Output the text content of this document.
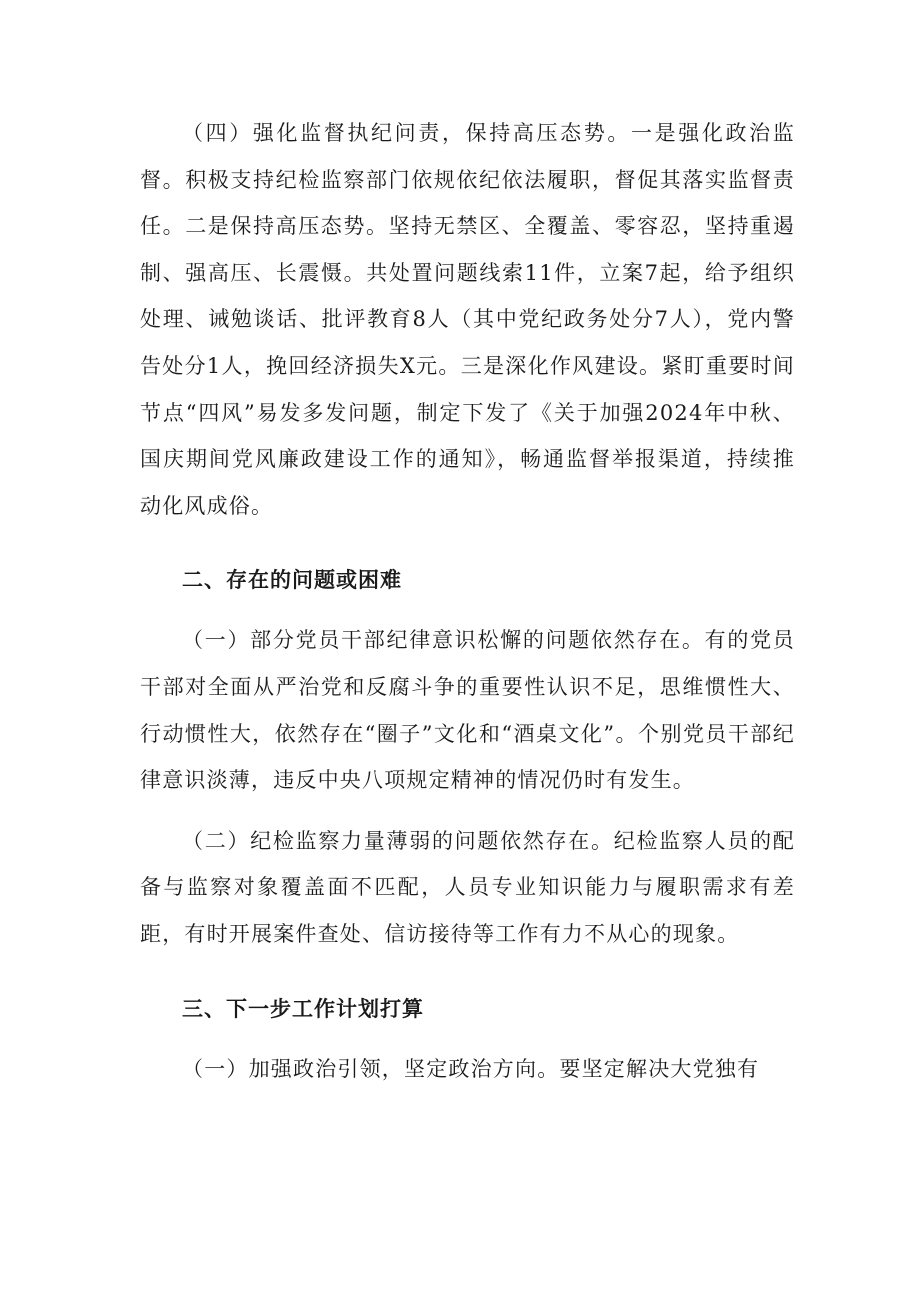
（四）强化监督执纪问责，保持高压态势。一是强化政治监督。积极支持纪检监察部门依规依纪依法履职，督促其落实监督责任。二是保持高压态势。坚持无禁区、全覆盖、零容忍，坚持重遏制、强高压、长震慑。共处置问题线索11件，立案7起，给予组织处理、诫勉谈话、批评教育8人（其中党纪政务处分7人），党内警告处分1人，挽回经济损失X元。三是深化作风建设。紧盯重要时间节点“四风”易发多发问题，制定下发了《关于加强2024年中秋、国庆期间党风廉政建设工作的通知》，畅通监督举报渠道，持续推动化风成俗。

二、存在的问题或困难

（一）部分党员干部纪律意识松懈的问题依然存在。有的党员干部对全面从严治党和反腐斗争的重要性认识不足，思维惯性大、行动惯性大，依然存在“圈子”文化和“酒桌文化”。个别党员干部纪律意识淡薄，违反中央八项规定精神的情况仍时有发生。

（二）纪检监察力量薄弱的问题依然存在。纪检监察人员的配备与监察对象覆盖面不匹配，人员专业知识能力与履职需求有差距，有时开展案件查处、信访接待等工作有力不从心的现象。

三、下一步工作计划打算

（一）加强政治引领，坚定政治方向。要坚定解决大党独有
